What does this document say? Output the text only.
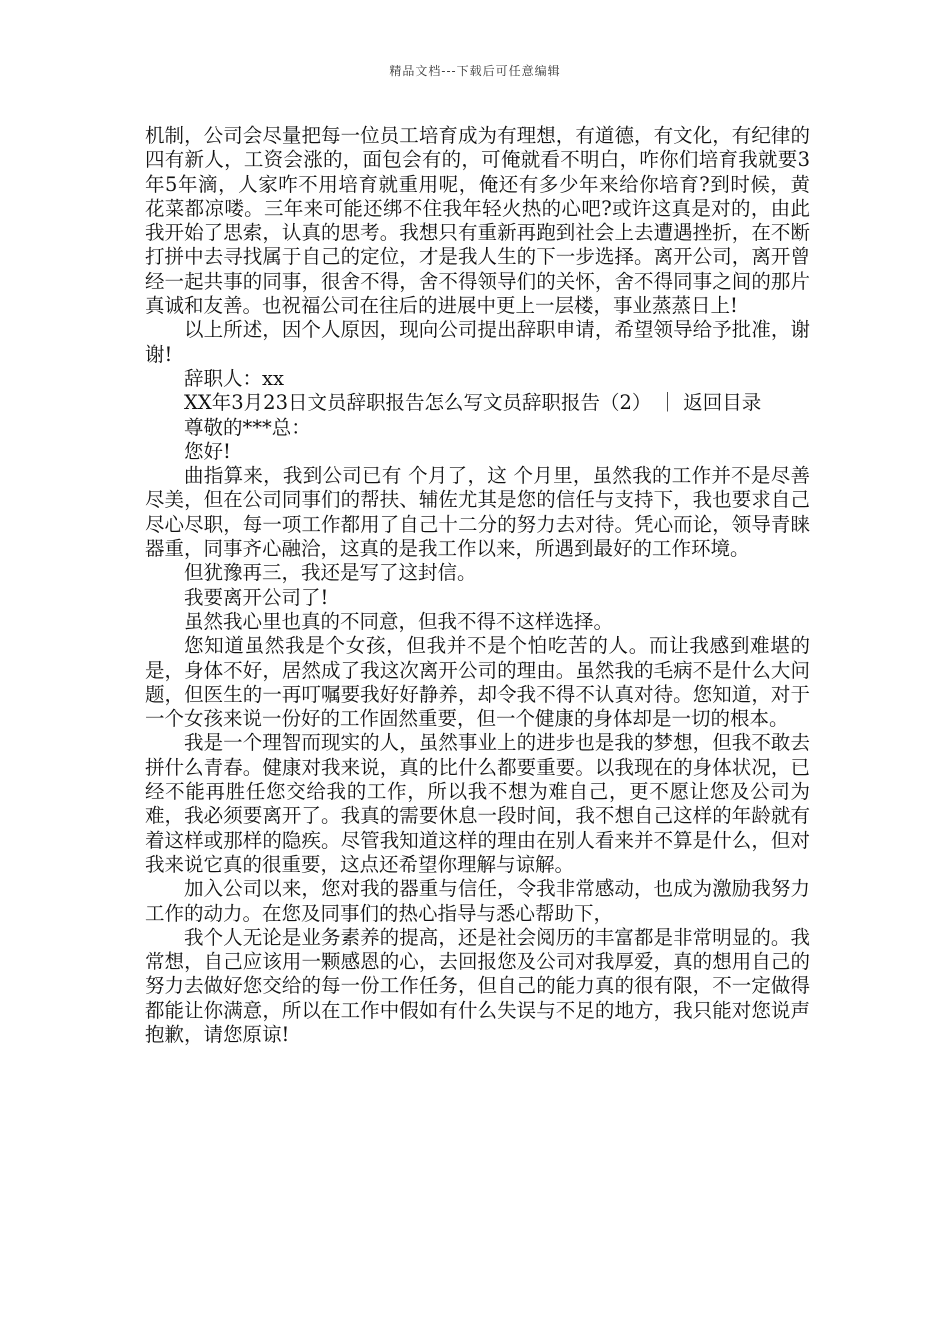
精品文档---下载后可任意编辑

机制，公司会尽量把每一位员工培育成为有理想，有道德，有文化，有纪律的四有新人，工资会涨的，面包会有的，可俺就看不明白，咋你们培育我就要3年5年滴，人家咋不用培育就重用呢，俺还有多少年来给你培育?到时候，黄花菜都凉喽。三年来可能还绑不住我年轻火热的心吧?或许这真是对的，由此我开始了思索，认真的思考。我想只有重新再跑到社会上去遭遇挫折，在不断打拼中去寻找属于自己的定位，才是我人生的下一步选择。离开公司，离开曾经一起共事的同事，很舍不得，舍不得领导们的关怀，舍不得同事之间的那片真诚和友善。也祝福公司在往后的进展中更上一层楼，事业蒸蒸日上!

以上所述，因个人原因，现向公司提出辞职申请，希望领导给予批准，谢谢!

辞职人：xx

XX年3月23日文员辞职报告怎么写文员辞职报告（2） ｜ 返回目录

尊敬的***总：

您好!

曲指算来，我到公司已有 个月了，这 个月里，虽然我的工作并不是尽善尽美，但在公司同事们的帮扶、辅佐尤其是您的信任与支持下，我也要求自己尽心尽职，每一项工作都用了自己十二分的努力去对待。凭心而论，领导青睐器重，同事齐心融洽，这真的是我工作以来，所遇到最好的工作环境。

但犹豫再三，我还是写了这封信。

我要离开公司了!

虽然我心里也真的不同意，但我不得不这样选择。

您知道虽然我是个女孩，但我并不是个怕吃苦的人。而让我感到难堪的是，身体不好，居然成了我这次离开公司的理由。虽然我的毛病不是什么大问题，但医生的一再叮嘱要我好好静养，却令我不得不认真对待。您知道，对于一个女孩来说一份好的工作固然重要，但一个健康的身体却是一切的根本。

我是一个理智而现实的人，虽然事业上的进步也是我的梦想，但我不敢去拼什么青春。健康对我来说，真的比什么都要重要。以我现在的身体状况，已经不能再胜任您交给我的工作，所以我不想为难自己，更不愿让您及公司为难，我必须要离开了。我真的需要休息一段时间，我不想自己这样的年龄就有着这样或那样的隐疾。尽管我知道这样的理由在别人看来并不算是什么，但对我来说它真的很重要，这点还希望你理解与谅解。

加入公司以来，您对我的器重与信任，令我非常感动，也成为激励我努力工作的动力。在您及同事们的热心指导与悉心帮助下，

我个人无论是业务素养的提高，还是社会阅历的丰富都是非常明显的。我常想，自己应该用一颗感恩的心，去回报您及公司对我厚爱，真的想用自己的努力去做好您交给的每一份工作任务，但自己的能力真的很有限，不一定做得都能让你满意，所以在工作中假如有什么失误与不足的地方，我只能对您说声抱歉，请您原谅!
